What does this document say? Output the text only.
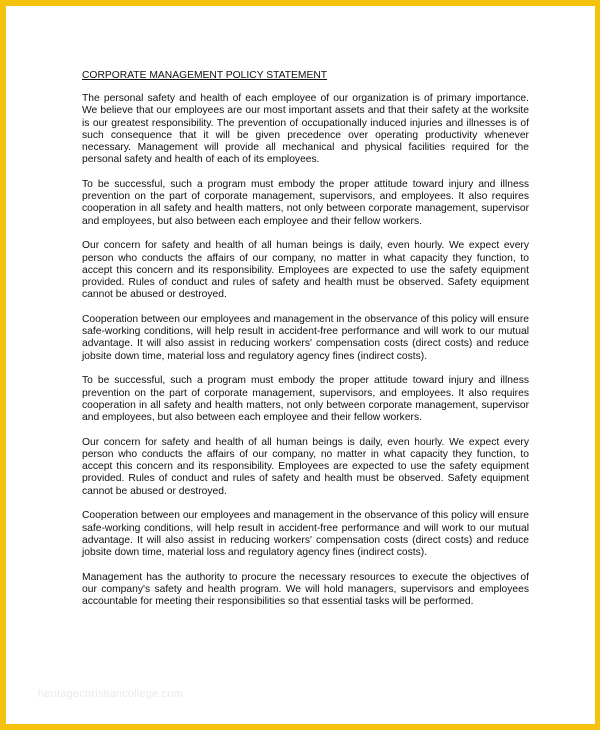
CORPORATE MANAGEMENT POLICY STATEMENT

The personal safety and health of each employee of our organization is of primary importance. We believe that our employees are our most important assets and that their safety at the worksite is our greatest responsibility. The prevention of occupationally induced injuries and illnesses is of such consequence that it will be given precedence over operating productivity whenever necessary. Management will provide all mechanical and physical facilities required for the personal safety and health of each of its employees.

To be successful, such a program must embody the proper attitude toward injury and illness prevention on the part of corporate management, supervisors, and employees. It also requires cooperation in all safety and health matters, not only between corporate management, supervisor and employees, but also between each employee and their fellow workers.

Our concern for safety and health of all human beings is daily, even hourly. We expect every person who conducts the affairs of our company, no matter in what capacity they function, to accept this concern and its responsibility. Employees are expected to use the safety equipment provided. Rules of conduct and rules of safety and health must be observed. Safety equipment cannot be abused or destroyed.

Cooperation between our employees and management in the observance of this policy will ensure safe-working conditions, will help result in accident-free performance and will work to our mutual advantage. It will also assist in reducing workers' compensation costs (direct costs) and reduce jobsite down time, material loss and regulatory agency fines (indirect costs).

To be successful, such a program must embody the proper attitude toward injury and illness prevention on the part of corporate management, supervisors, and employees. It also requires cooperation in all safety and health matters, not only between corporate management, supervisor and employees, but also between each employee and their fellow workers.

Our concern for safety and health of all human beings is daily, even hourly. We expect every person who conducts the affairs of our company, no matter in what capacity they function, to accept this concern and its responsibility. Employees are expected to use the safety equipment provided. Rules of conduct and rules of safety and health must be observed. Safety equipment cannot be abused or destroyed.

Cooperation between our employees and management in the observance of this policy will ensure safe-working conditions, will help result in accident-free performance and will work to our mutual advantage. It will also assist in reducing workers' compensation costs (direct costs) and reduce jobsite down time, material loss and regulatory agency fines (indirect costs).

Management has the authority to procure the necessary resources to execute the objectives of our company's safety and health program. We will hold managers, supervisors and employees accountable for meeting their responsibilities so that essential tasks will be performed.

heritagechristiancollege.com
